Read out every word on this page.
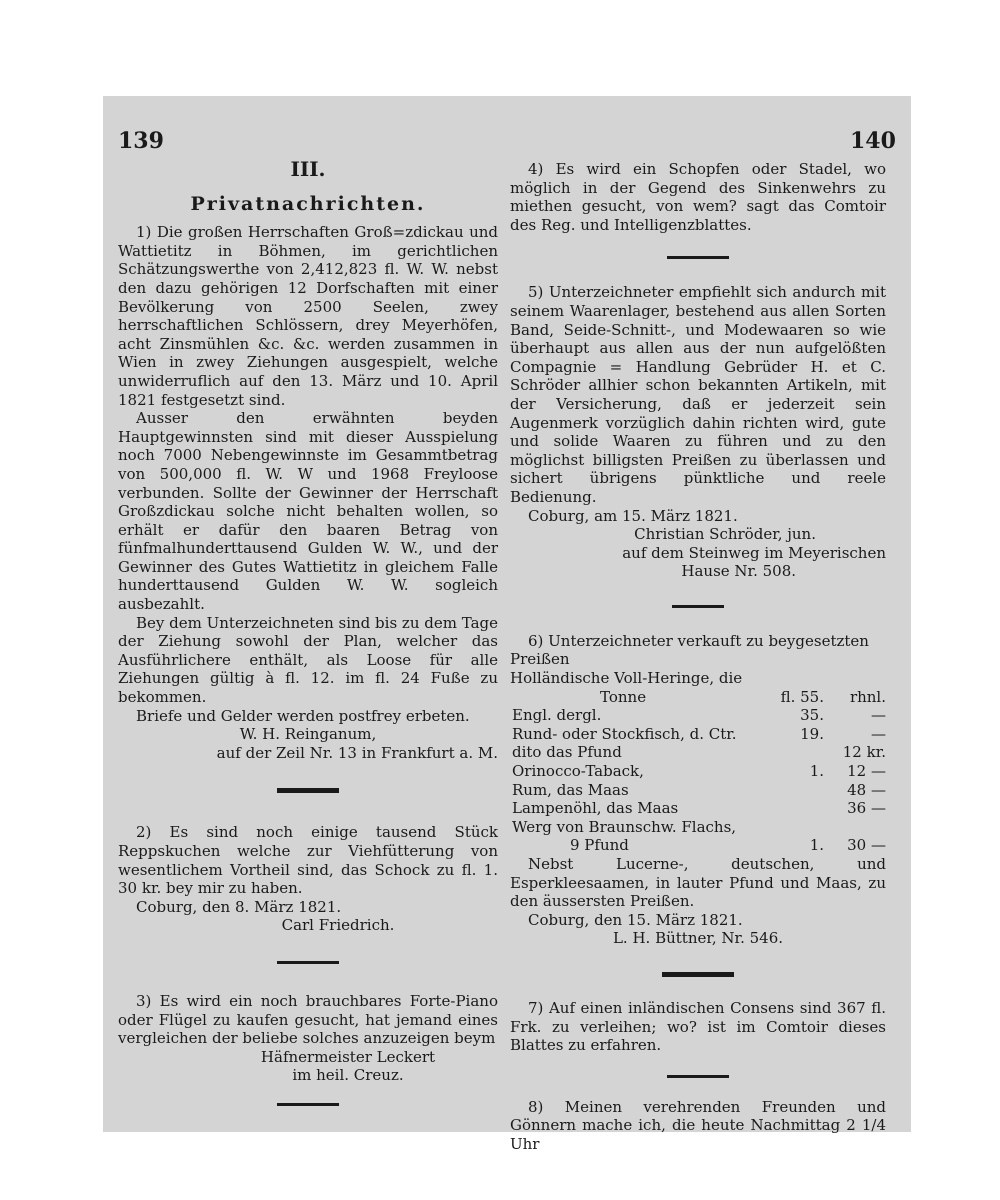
139	140

III.

Privatnachrichten.

1) Die großen Herrschaften Groß=zdickau und Wattietitz in Böhmen, im gerichtlichen Schätzungswerthe von 2,412,823 fl. W. W. nebst den dazu gehörigen 12 Dorfschaften mit einer Bevölkerung von 2500 Seelen, zwey herrschaftlichen Schlössern, drey Meyerhöfen, acht Zinsmühlen &c. &c. werden zusammen in Wien in zwey Ziehungen ausgespielt, welche unwiderruflich auf den 13. März und 10. April 1821 festgesetzt sind.

Ausser den erwähnten beyden Hauptgewinnsten sind mit dieser Ausspielung noch 7000 Nebengewinnste im Gesammtbetrag von 500,000 fl. W. W und 1968 Freyloose verbunden. Sollte der Gewinner der Herrschaft Großzdickau solche nicht behalten wollen, so erhält er dafür den baaren Betrag von fünfmalhunderttausend Gulden W. W., und der Gewinner des Gutes Wattietitz in gleichem Falle hunderttausend Gulden W. W. sogleich ausbezahlt.

Bey dem Unterzeichneten sind bis zu dem Tage der Ziehung sowohl der Plan, welcher das Ausführlichere enthält, als Loose für alle Ziehungen gültig à fl. 12. im fl. 24 Fuße zu bekommen.

Briefe und Gelder werden postfrey erbeten.

W. H. Reinganum,

auf der Zeil Nr. 13 in Frankfurt a. M.

2) Es sind noch einige tausend Stück Reppskuchen welche zur Viehfütterung von wesentlichem Vortheil sind, das Schock zu fl. 1. 30 kr. bey mir zu haben.

Coburg, den 8. März 1821.

Carl Friedrich.

3) Es wird ein noch brauchbares Forte-Piano oder Flügel zu kaufen gesucht, hat jemand eines vergleichen der beliebe solches anzuzeigen beym

Häfnermeister Leckert

im heil. Creuz.

4) Es wird ein Schopfen oder Stadel, wo möglich in der Gegend des Sinkenwehrs zu miethen gesucht, von wem? sagt das Comtoir des Reg. und Intelligenzblattes.

5) Unterzeichneter empfiehlt sich andurch mit seinem Waarenlager, bestehend aus allen Sorten Band, Seide-Schnitt-, und Modewaaren so wie überhaupt aus allen aus der nun aufgelößten Compagnie = Handlung Gebrüder H. et C. Schröder allhier schon bekannten Artikeln, mit der Versicherung, daß er jederzeit sein Augenmerk vorzüglich dahin richten wird, gute und solide Waaren zu führen und zu den möglichst billigsten Preißen zu überlassen und sichert übrigens pünktliche und reele Bedienung.

Coburg, am 15. März 1821.

Christian Schröder, jun.

auf dem Steinweg im Meyerischen

Hause Nr. 508.

6) Unterzeichneter verkauft zu beygesetzten Preißen

Holländische Voll-Heringe, die		
Tonne	fl. 55.	rhnl.
Engl. dergl.	35.	—
Rund- oder Stockfisch, d. Ctr.	19.	—
dito das Pfund		12 kr.
Orinocco-Taback,	1.	12 —
Rum, das Maas		48 —
Lampenöhl, das Maas		36 —
Werg von Braunschw. Flachs,		
9 Pfund	1.	30 —

Nebst Lucerne-, deutschen, und Esperkleesaamen, in lauter Pfund und Maas, zu den äussersten Preißen.

Coburg, den 15. März 1821.

L. H. Büttner, Nr. 546.

7) Auf einen inländischen Consens sind 367 fl. Frk. zu verleihen; wo? ist im Comtoir dieses Blattes zu erfahren.

8) Meinen verehrenden Freunden und Gönnern mache ich, die heute Nachmittag 2 1/4 Uhr
